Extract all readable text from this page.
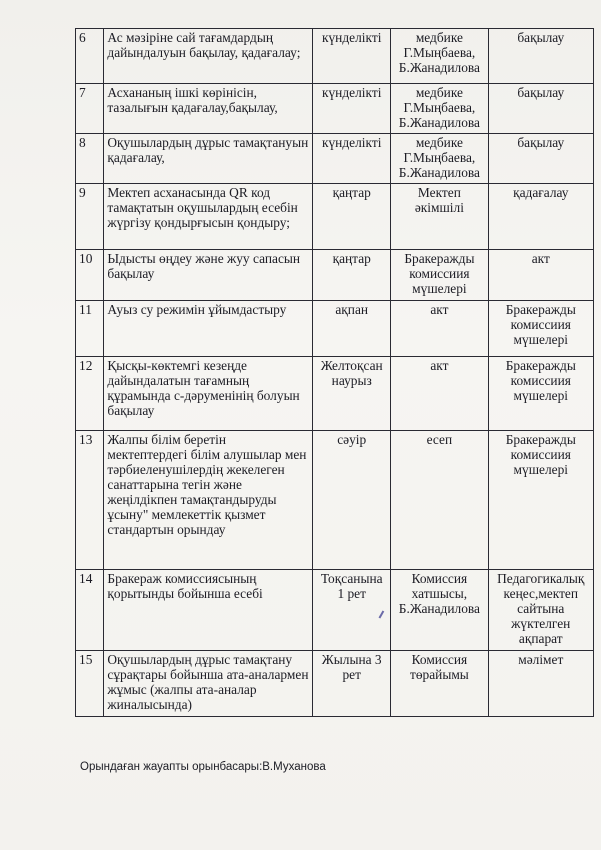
6	Ас мәзіріне сай тағамдардың дайындалуын бақылау, қадағалау;	күнделікті	медбике Г.Мыңбаева, Б.Жанадилова	бақылау
7	Асхананың ішкі көрінісін, тазалығын қадағалау,бақылау,	күнделікті	медбике Г.Мыңбаева, Б.Жанадилова	бақылау
8	Оқушылардың дұрыс тамақтануын қадағалау,	күнделікті	медбике Г.Мыңбаева, Б.Жанадилова	бақылау
9	Мектеп асханасында QR код тамақтатын оқушылардың есебін жүргізу қондырғысын қондыру;	қаңтар	Мектеп әкімшілі	қадағалау
10	Ыдысты өңдеу және жуу сапасын бақылау	қаңтар	Бракеражды комиссиия мүшелері	акт
11	Ауыз су режимін ұйымдастыру	ақпан	акт	Бракеражды комиссиия мүшелері
12	Қысқы-көктемгі кезеңде дайындалатын тағамның құрамында с-дәруменінің болуын бақылау	Желтоқсан наурыз	акт	Бракеражды комиссиия мүшелері
13	Жалпы білім беретін мектептердегі білім алушылар мен тәрбиеленушілердің жекелеген санаттарына тегін және жеңілдікпен тамақтандыруды ұсыну" мемлекеттік қызмет стандартын орындау	сәуір	есеп	Бракеражды комиссиия мүшелері
14	Бракераж комиссиясының қорытынды бойынша есебі	Тоқсанына 1 рет	Комиссия хатшысы, Б.Жанадилова	Педагогикалық кеңес,мектеп сайтына жүктелген ақпарат
15	Оқушылардың дұрыс тамақтану сұрақтары бойынша ата-аналармен жұмыс (жалпы ата-аналар жиналысында)	Жылына 3 рет	Комиссия төрайымы	мәлімет
Орындаған жауапты орынбасары:В.Муханова
